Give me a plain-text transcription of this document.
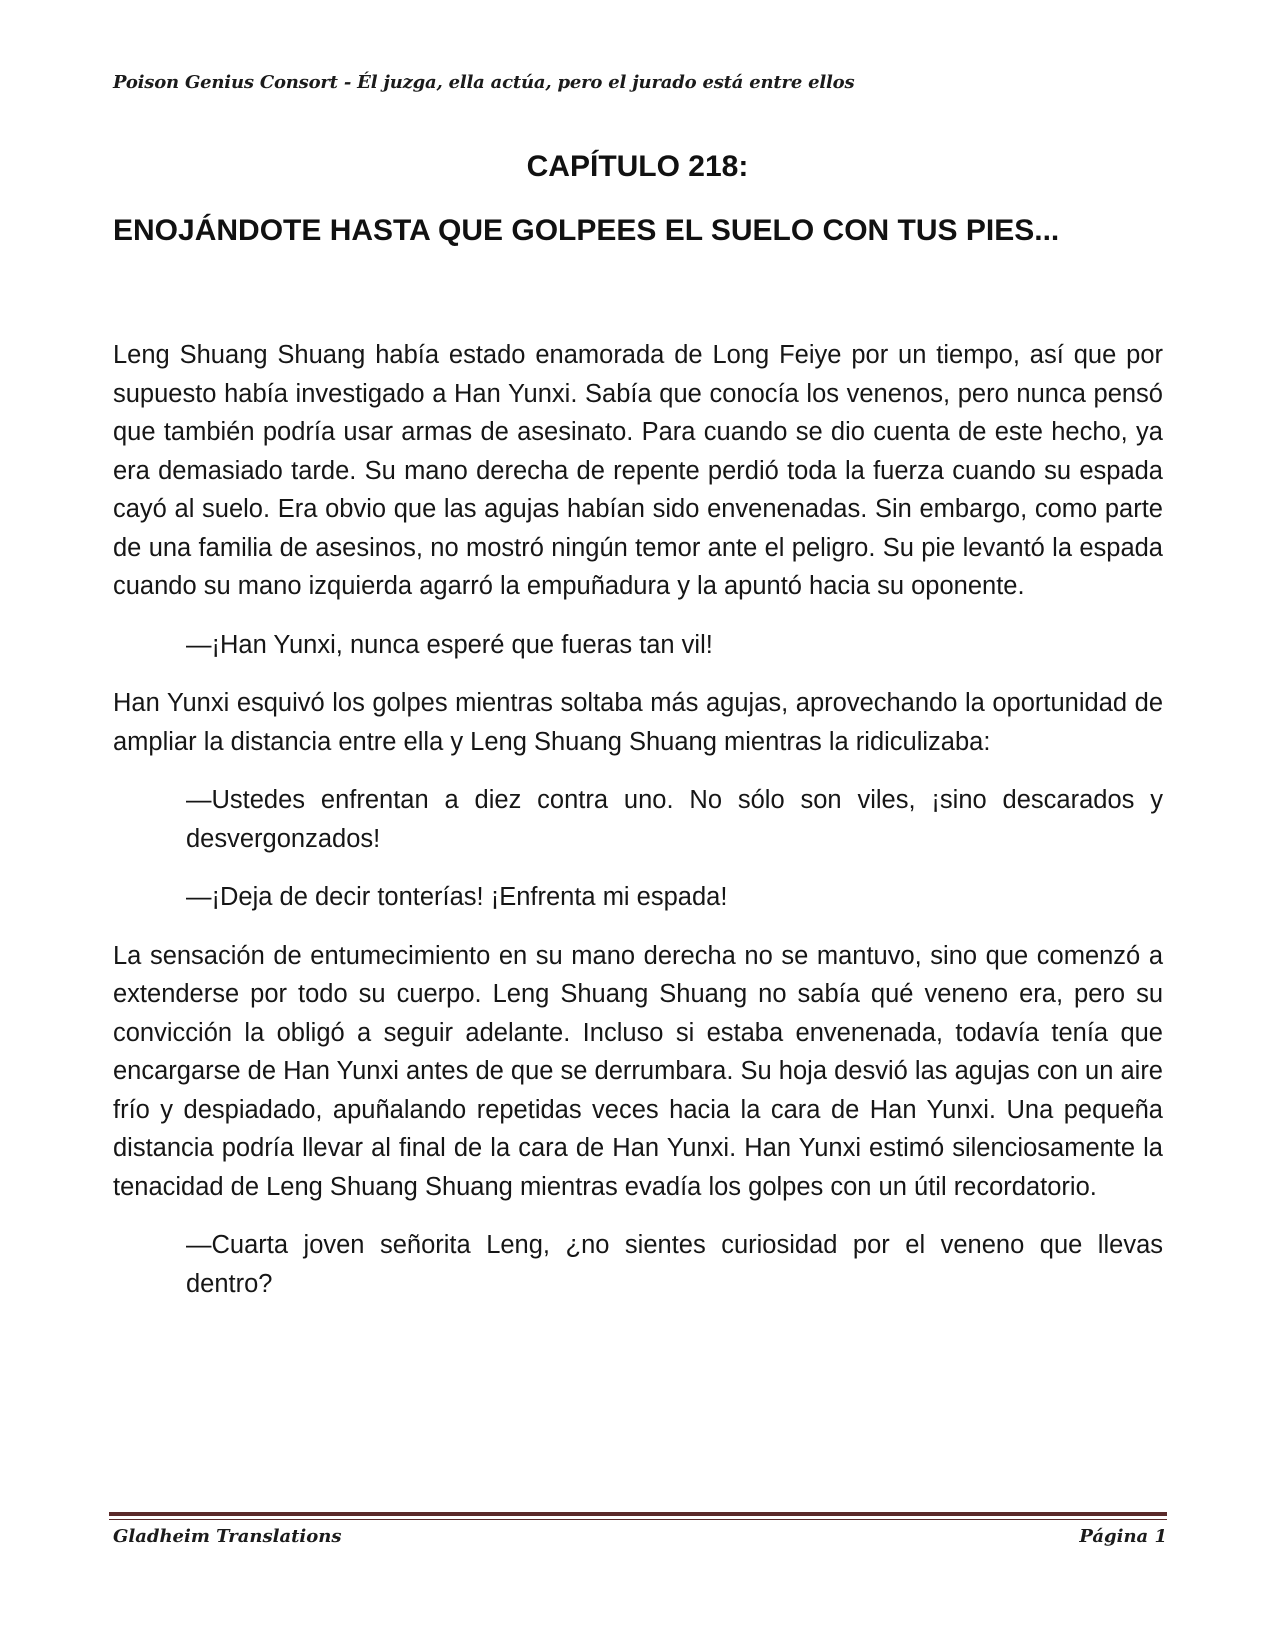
Poison Genius Consort - Él juzga, ella actúa, pero el jurado está entre ellos
CAPÍTULO 218:
ENOJÁNDOTE HASTA QUE GOLPEES EL SUELO CON TUS PIES...

Leng Shuang Shuang había estado enamorada de Long Feiye por un tiempo, así que por supuesto había investigado a Han Yunxi. Sabía que conocía los venenos, pero nunca pensó que también podría usar armas de asesinato. Para cuando se dio cuenta de este hecho, ya era demasiado tarde. Su mano derecha de repente perdió toda la fuerza cuando su espada cayó al suelo. Era obvio que las agujas habían sido envenenadas. Sin embargo, como parte de una familia de asesinos, no mostró ningún temor ante el peligro. Su pie levantó la espada cuando su mano izquierda agarró la empuñadura y la apuntó hacia su oponente.

—¡Han Yunxi, nunca esperé que fueras tan vil!

Han Yunxi esquivó los golpes mientras soltaba más agujas, aprovechando la oportunidad de ampliar la distancia entre ella y Leng Shuang Shuang mientras la ridiculizaba:

—Ustedes enfrentan a diez contra uno. No sólo son viles, ¡sino descarados y desvergonzados!

—¡Deja de decir tonterías! ¡Enfrenta mi espada!

La sensación de entumecimiento en su mano derecha no se mantuvo, sino que comenzó a extenderse por todo su cuerpo. Leng Shuang Shuang no sabía qué veneno era, pero su convicción la obligó a seguir adelante. Incluso si estaba envenenada, todavía tenía que encargarse de Han Yunxi antes de que se derrumbara. Su hoja desvió las agujas con un aire frío y despiadado, apuñalando repetidas veces hacia la cara de Han Yunxi. Una pequeña distancia podría llevar al final de la cara de Han Yunxi. Han Yunxi estimó silenciosamente la tenacidad de Leng Shuang Shuang mientras evadía los golpes con un útil recordatorio.

—Cuarta joven señorita Leng, ¿no sientes curiosidad por el veneno que llevas dentro?

Gladheim Translations	Página 1
